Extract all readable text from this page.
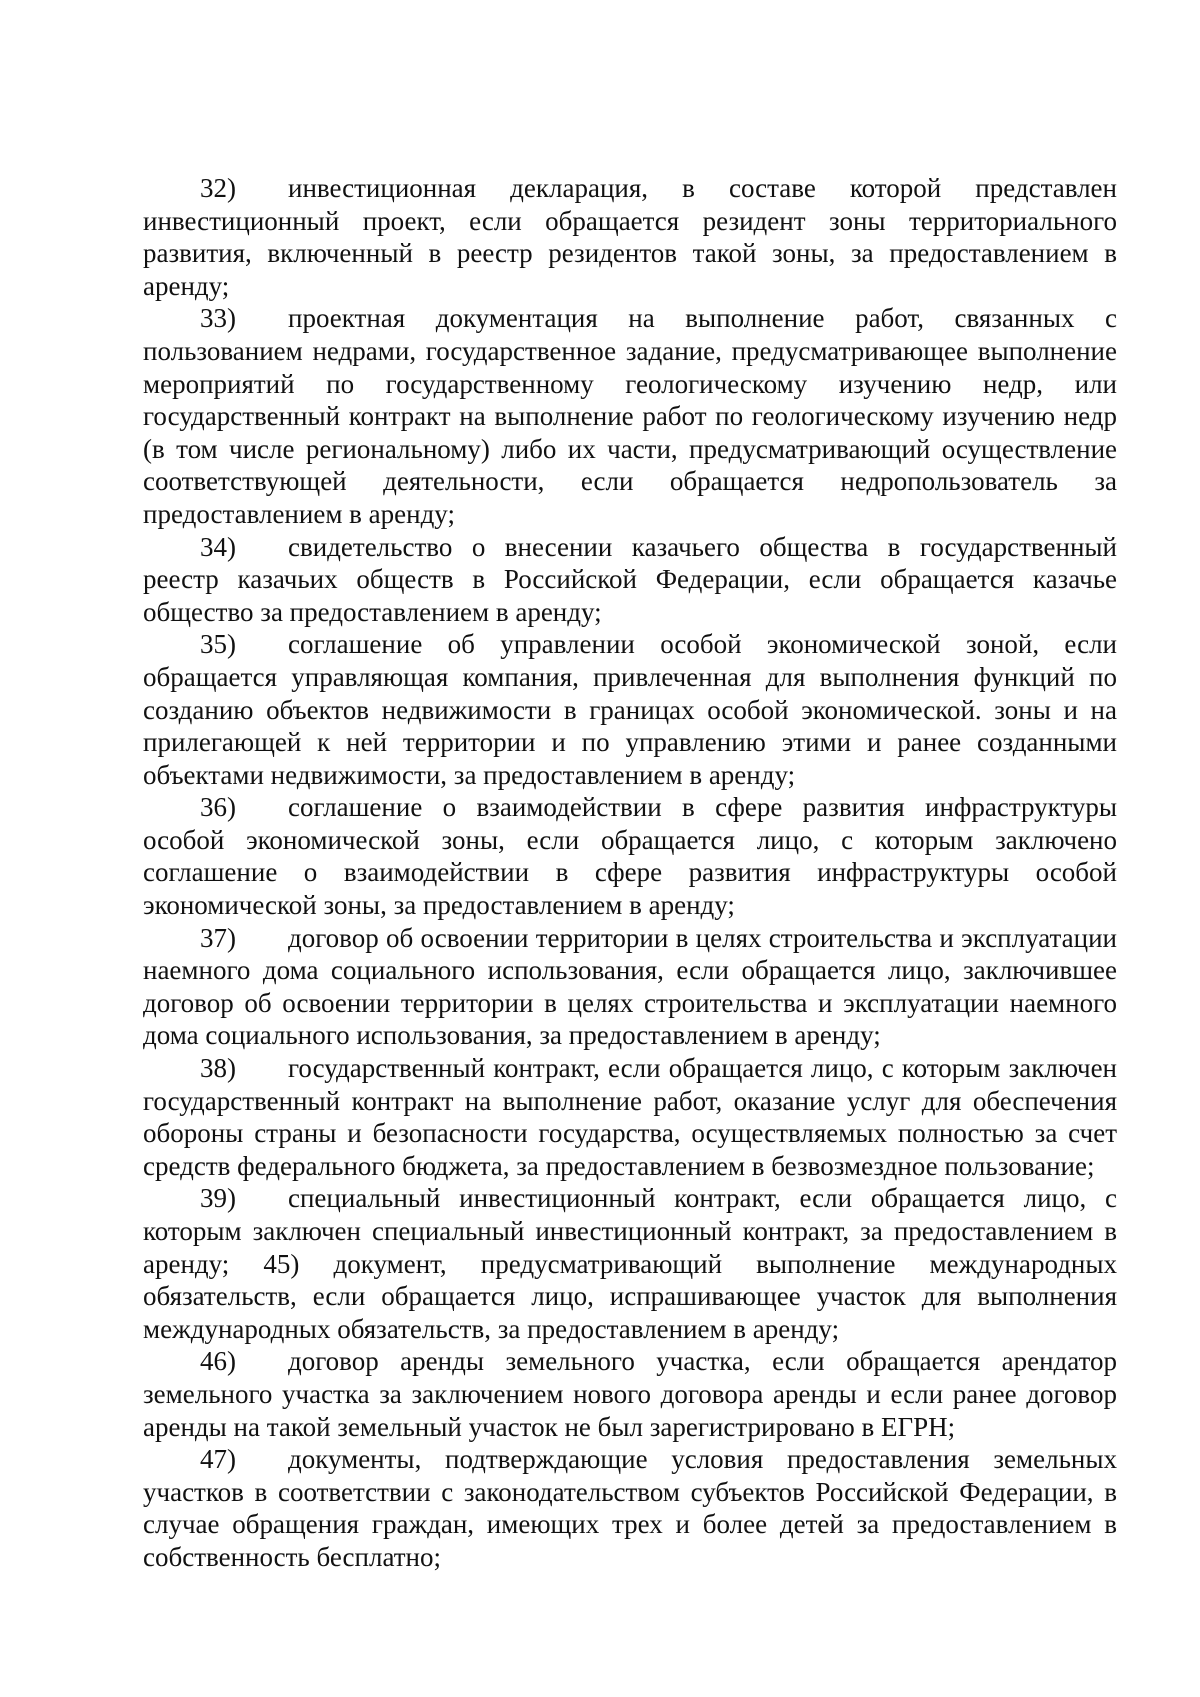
32) инвестиционная декларация, в составе которой представлен инвестиционный проект, если обращается резидент зоны территориального развития, включенный в реестр резидентов такой зоны, за предоставлением в аренду;

33) проектная документация на выполнение работ, связанных с пользованием недрами, государственное задание, предусматривающее выполнение мероприятий по государственному геологическому изучению недр, или государственный контракт на выполнение работ по геологическому изучению недр (в том числе региональному) либо их части, предусматривающий осуществление соответствующей деятельности, если обращается недропользователь за предоставлением в аренду;

34) свидетельство о внесении казачьего общества в государственный реестр казачьих обществ в Российской Федерации, если обращается казачье общество за предоставлением в аренду;

35) соглашение об управлении особой экономической зоной, если обращается управляющая компания, привлеченная для выполнения функций по созданию объектов недвижимости в границах особой экономической. зоны и на прилегающей к ней территории и по управлению этими и ранее созданными объектами недвижимости, за предоставлением в аренду;

36) соглашение о взаимодействии в сфере развития инфраструктуры особой экономической зоны, если обращается лицо, с которым заключено соглашение о взаимодействии в сфере развития инфраструктуры особой экономической зоны, за предоставлением в аренду;

37) договор об освоении территории в целях строительства и эксплуатации наемного дома социального использования, если обращается лицо, заключившее договор об освоении территории в целях строительства и эксплуатации наемного дома социального использования, за предоставлением в аренду;

38) государственный контракт, если обращается лицо, с которым заключен государственный контракт на выполнение работ, оказание услуг для обеспечения обороны страны и безопасности государства, осуществляемых полностью за счет средств федерального бюджета, за предоставлением в безвозмездное пользование;

39) специальный инвестиционный контракт, если обращается лицо, с которым заключен специальный инвестиционный контракт, за предоставлением в аренду; 45) документ, предусматривающий выполнение международных обязательств, если обращается лицо, испрашивающее участок для выполнения международных обязательств, за предоставлением в аренду;

46) договор аренды земельного участка, если обращается арендатор земельного участка за заключением нового договора аренды и если ранее договор аренды на такой земельный участок не был зарегистрировано в ЕГРН;

47) документы, подтверждающие условия предоставления земельных участков в соответствии с законодательством субъектов Российской Федерации, в случае обращения граждан, имеющих трех и более детей за предоставлением в собственность бесплатно;
